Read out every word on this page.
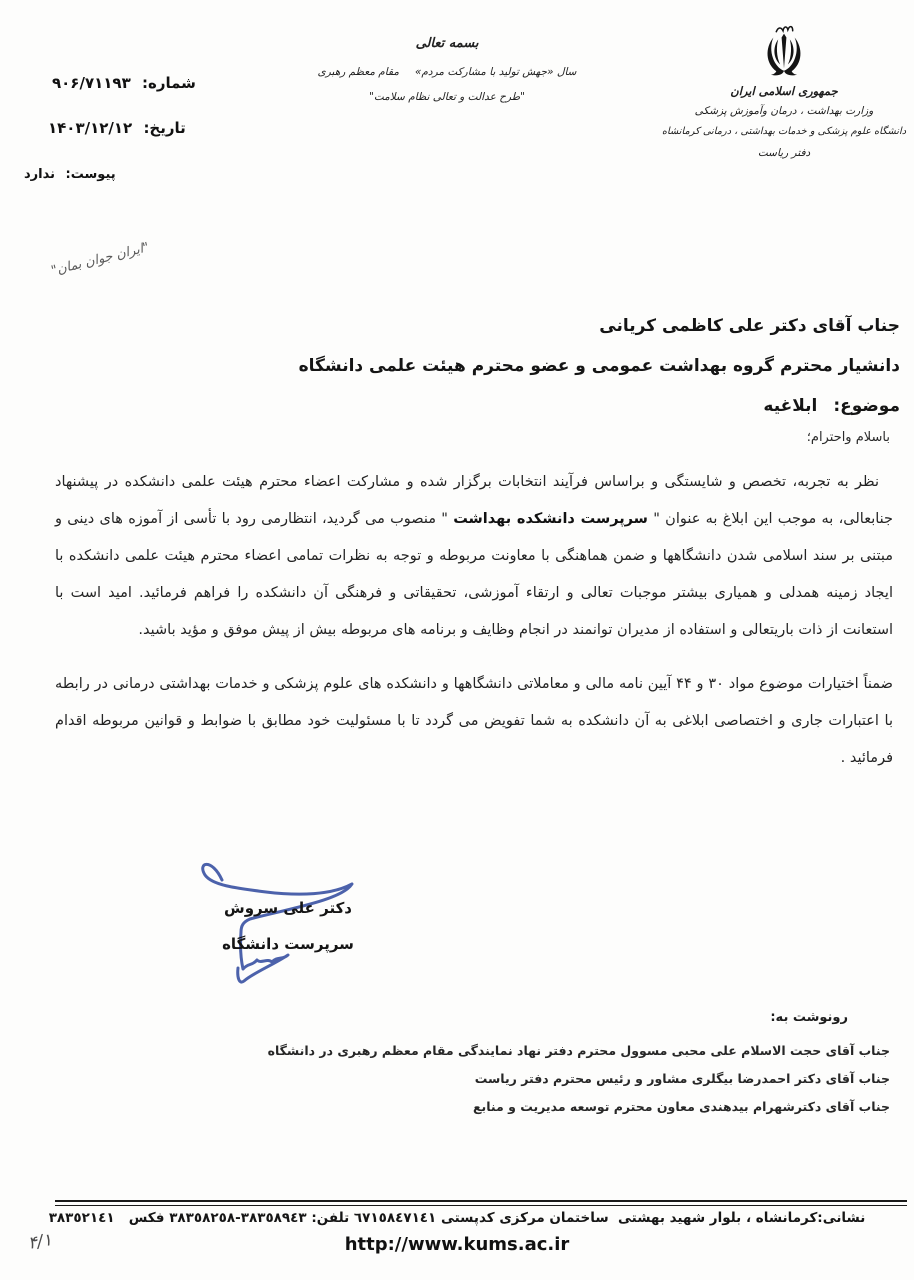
جمهوری اسلامی ایران
وزارت بهداشت ، درمان وآموزش پزشکی
دانشگاه علوم پزشکی و خدمات بهداشتی ، درمانی کرمانشاه
دفتر ریاست
بسمه تعالی
سال «جهش تولید با مشارکت مردم»
مقام معظم رهبری
"طرح عدالت و تعالی نظام سلامت"
شماره: ۹۰۶/۷۱۱۹۳
تاریخ: ۱۴۰۳/۱۲/۱۲
پیوست: ندارد
"ایران جوان بمان"
جناب آقای دکتر علی کاظمی کریانی
دانشیار محترم گروه بهداشت عمومی و عضو محترم هیئت علمی دانشگاه
موضوع: ابلاغیه
باسلام واحترام؛

نظر به تجربه، تخصص و شایستگی و براساس فرآیند انتخابات برگزار شده و مشارکت اعضاء محترم هیئت علمی دانشکده در پیشنهاد جنابعالی، به موجب این ابلاغ به عنوان " سرپرست دانشکده بهداشت " منصوب می گردید، انتظارمی رود با تأسی از آموزه های دینی و مبتنی بر سند اسلامی شدن دانشگاهها و ضمن هماهنگی با معاونت مربوطه و توجه به نظرات تمامی اعضاء محترم هیئت علمی دانشکده با ایجاد زمینه همدلی و همیاری بیشتر موجبات تعالی و ارتقاء آموزشی، تحقیقاتی و فرهنگی آن دانشکده را فراهم فرمائید. امید است با استعانت از ذات باریتعالی و استفاده از مدیران توانمند در انجام وظایف و برنامه های مربوطه بیش از پیش موفق و مؤید باشید.

ضمناً اختیارات موضوع مواد ۳۰ و ۴۴ آیین نامه مالی و معاملاتی دانشگاهها و دانشکده های علوم پزشکی و خدمات بهداشتی درمانی در رابطه با اعتبارات جاری و اختصاصی ابلاغی به آن دانشکده به شما تفویض می گردد تا با مسئولیت خود مطابق با ضوابط و قوانین مربوطه اقدام فرمائید .

دکتر علی سروش
سرپرست دانشگاه
رونوشت به:
جناب آقای حجت الاسلام علی محبی مسوول محترم دفتر نهاد نمایندگی مقام معظم رهبری در دانشگاه
جناب آقای دکتر احمدرضا بیگلری مشاور و رئیس محترم دفتر ریاست
جناب آقای دکترشهرام بیدهندی معاون محترم توسعه مدیریت و منابع
نشانی:کرمانشاه ، بلوار شهید بهشتی  ساختمان مرکزی کدپستی ٦٧١٥٨٤٧١٤١ تلفن: ٣٨٣٥٨٩٤٣-٣٨٣٥٨٢٥٨ فکس   ٣٨٣٥٢١٤١
http://www.kums.ac.ir
۴/۱
